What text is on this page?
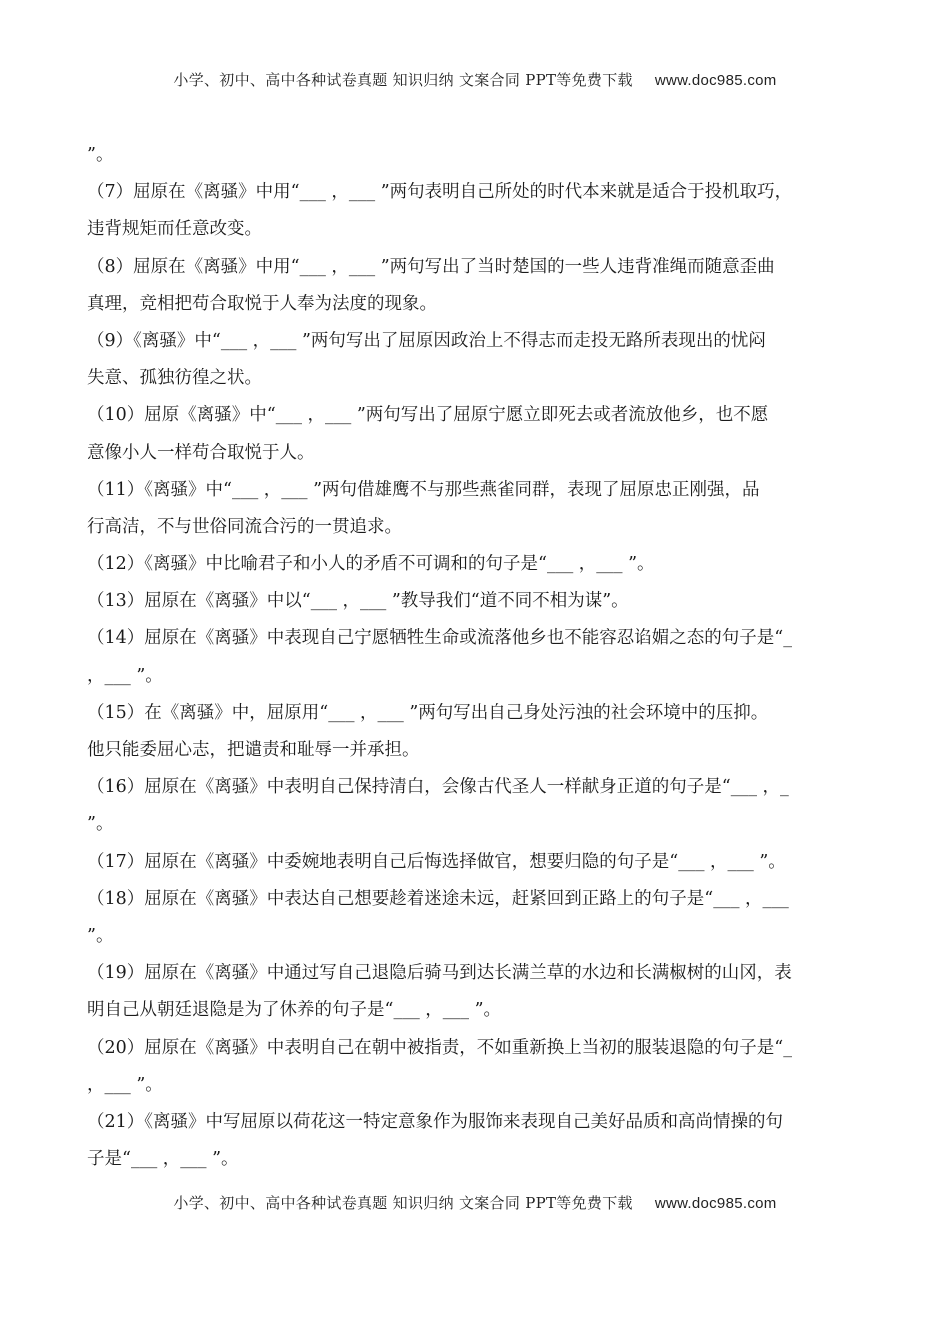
小学、初中、高中各种试卷真题 知识归纳 文案合同 PPT等免费下载 www.doc985.com
”。
（7）屈原在《离骚》中用“___ ，___ ”两句表明自己所处的时代本来就是适合于投机取巧，
违背规矩而任意改变。
（8）屈原在《离骚》中用“___ ，___ ”两句写出了当时楚国的一些人违背准绳而随意歪曲
真理，竞相把苟合取悦于人奉为法度的现象。
（9）《离骚》中“___ ，___ ”两句写出了屈原因政治上不得志而走投无路所表现出的忧闷
失意、孤独彷徨之状。
（10）屈原《离骚》中“___ ，___ ”两句写出了屈原宁愿立即死去或者流放他乡，也不愿
意像小人一样苟合取悦于人。
（11）《离骚》中“___ ，___ ”两句借雄鹰不与那些燕雀同群，表现了屈原忠正刚强，品
行高洁，不与世俗同流合污的一贯追求。
（12）《离骚》中比喻君子和小人的矛盾不可调和的句子是“___ ，___ ”。
（13）屈原在《离骚》中以“___ ，___ ”教导我们“道不同不相为谋”。
（14）屈原在《离骚》中表现自己宁愿牺牲生命或流落他乡也不能容忍谄媚之态的句子是“_
，___ ”。
（15）在《离骚》中，屈原用“___ ，___ ”两句写出自己身处污浊的社会环境中的压抑。
他只能委屈心志，把谴责和耻辱一并承担。
（16）屈原在《离骚》中表明自己保持清白，会像古代圣人一样献身正道的句子是“___ ，_
”。
（17）屈原在《离骚》中委婉地表明自己后悔选择做官，想要归隐的句子是“___ ，___ ”。
（18）屈原在《离骚》中表达自己想要趁着迷途未远，赶紧回到正路上的句子是“___ ，___
”。
（19）屈原在《离骚》中通过写自己退隐后骑马到达长满兰草的水边和长满椒树的山冈，表
明自己从朝廷退隐是为了休养的句子是“___ ，___ ”。
（20）屈原在《离骚》中表明自己在朝中被指责，不如重新换上当初的服装退隐的句子是“_
，___ ”。
（21）《离骚》中写屈原以荷花这一特定意象作为服饰来表现自己美好品质和高尚情操的句
子是“___ ，___ ”。
小学、初中、高中各种试卷真题 知识归纳 文案合同 PPT等免费下载 www.doc985.com
